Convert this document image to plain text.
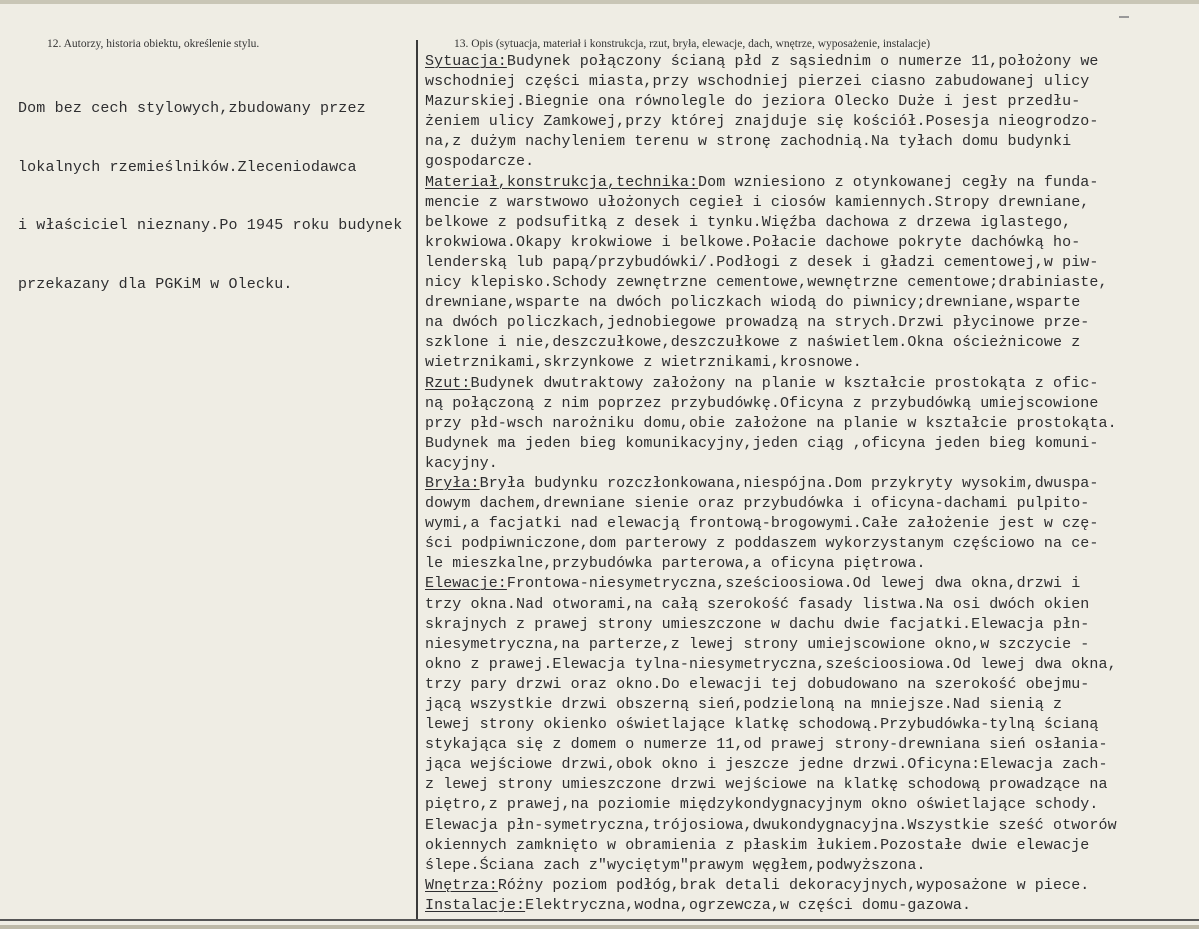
12. Autorzy, historia obiektu, określenie stylu.	13. Opis (sytuacja, materiał i konstrukcja, rzut, bryła, elewacje, dach, wnętrze, wyposażenie, instalacje)

Dom bez cech stylowych,zbudowany przez

lokalnych rzemieślników.Zleceniodawca

i właściciel nieznany.Po 1945 roku budynek

przekazany dla PGKiM w Olecku.

Sytuacja:Budynek połączony ścianą płd z sąsiednim o numerze 11,położony we
wschodniej części miasta,przy wschodniej pierzei ciasno zabudowanej ulicy
Mazurskiej.Biegnie ona równolegle do jeziora Olecko Duże i jest przedłu-
żeniem ulicy Zamkowej,przy której znajduje się kościół.Posesja nieogrodzo-
na,z dużym nachyleniem terenu w stronę zachodnią.Na tyłach domu budynki
gospodarcze.
Materiał,konstrukcja,technika:Dom wzniesiono z otynkowanej cegły na funda-
mencie z warstwowo ułożonych cegieł i ciosów kamiennych.Stropy drewniane,
belkowe z podsufitką z desek i tynku.Więźba dachowa z drzewa iglastego,
krokwiowa.Okapy krokwiowe i belkowe.Połacie dachowe pokryte dachówką ho-
lenderską lub papą/przybudówki/.Podłogi z desek i gładzi cementowej,w piw-
nicy klepisko.Schody zewnętrzne cementowe,wewnętrzne cementowe;drabiniaste,
drewniane,wsparte na dwóch policzkach wiodą do piwnicy;drewniane,wsparte
na dwóch policzkach,jednobiegowe prowadzą na strych.Drzwi płycinowe prze-
szklone i nie,deszczułkowe,deszczułkowe z naświetlem.Okna ościeżnicowe z
wietrznikami,skrzynkowe z wietrznikami,krosnowe.
Rzut:Budynek dwutraktowy założony na planie w kształcie prostokąta z ofic-
ną połączoną z nim poprzez przybudówkę.Oficyna z przybudówką umiejscowione
przy płd-wsch narożniku domu,obie założone na planie w kształcie prostokąta.
Budynek ma jeden bieg komunikacyjny,jeden ciąg ,oficyna jeden bieg komuni-
kacyjny.
Bryła:Bryła budynku rozczłonkowana,niespójna.Dom przykryty wysokim,dwuspa-
dowym dachem,drewniane sienie oraz przybudówka i oficyna-dachami pulpito-
wymi,a facjatki nad elewacją frontową-brogowymi.Całe założenie jest w czę-
ści podpiwniczone,dom parterowy z poddaszem wykorzystanym częściowo na ce-
le mieszkalne,przybudówka parterowa,a oficyna piętrowa.
Elewacje:Frontowa-niesymetryczna,sześcioosiowa.Od lewej dwa okna,drzwi i
trzy okna.Nad otworami,na całą szerokość fasady listwa.Na osi dwóch okien
skrajnych z prawej strony umieszczone w dachu dwie facjatki.Elewacja płn-
niesymetryczna,na parterze,z lewej strony umiejscowione okno,w szczycie -
okno z prawej.Elewacja tylna-niesymetryczna,sześcioosiowa.Od lewej dwa okna,
trzy pary drzwi oraz okno.Do elewacji tej dobudowano na szerokość obejmu-
jącą wszystkie drzwi obszerną sień,podzieloną na mniejsze.Nad sienią z
lewej strony okienko oświetlające klatkę schodową.Przybudówka-tylną ścianą
stykająca się z domem o numerze 11,od prawej strony-drewniana sień osłania-
jąca wejściowe drzwi,obok okno i jeszcze jedne drzwi.Oficyna:Elewacja zach-
z lewej strony umieszczone drzwi wejściowe na klatkę schodową prowadzące na
piętro,z prawej,na poziomie międzykondygnacyjnym okno oświetlające schody.
Elewacja płn-symetryczna,trójosiowa,dwukondygnacyjna.Wszystkie sześć otworów
okiennych zamknięto w obramienia z płaskim łukiem.Pozostałe dwie elewacje
ślepe.Ściana zach z"wyciętym"prawym węgłem,podwyższona.
Wnętrza:Różny poziom podłóg,brak detali dekoracyjnych,wyposażone w piece.
Instalacje:Elektryczna,wodna,ogrzewcza,w części domu-gazowa.
